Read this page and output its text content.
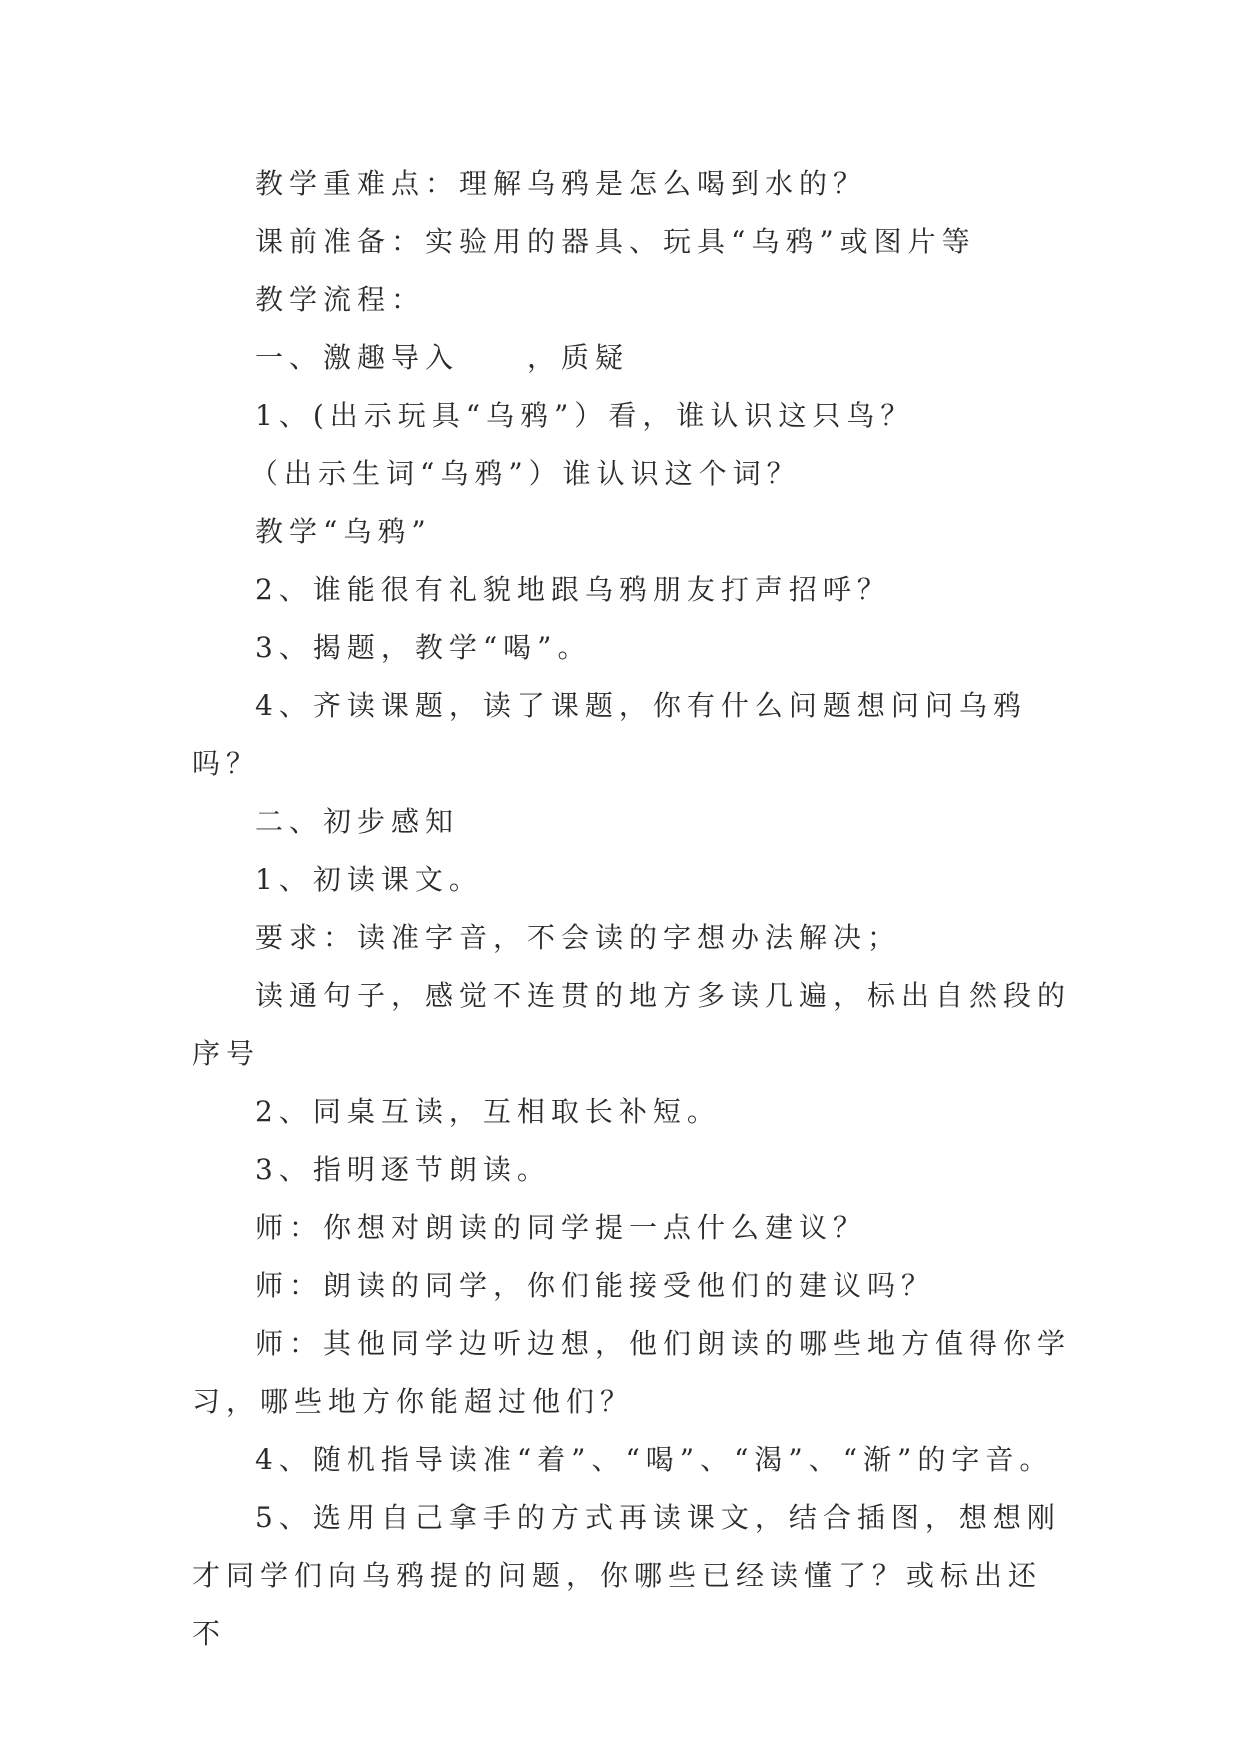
教学重难点：理解乌鸦是怎么喝到水的？

课前准备：实验用的器具、玩具“乌鸦”或图片等

教学流程：

一、激趣导入　　，质疑

1、(出示玩具“乌鸦”）看，谁认识这只鸟？

（出示生词“乌鸦”）谁认识这个词？

教学“乌鸦”

2、谁能很有礼貌地跟乌鸦朋友打声招呼？

3、揭题，教学“喝”。

4、齐读课题，读了课题，你有什么问题想问问乌鸦吗？

二、初步感知

1、初读课文。

要求：读准字音，不会读的字想办法解决；

读通句子，感觉不连贯的地方多读几遍，标出自然段的序号

2、同桌互读，互相取长补短。

3、指明逐节朗读。

师：你想对朗读的同学提一点什么建议？

师：朗读的同学，你们能接受他们的建议吗？

师：其他同学边听边想，他们朗读的哪些地方值得你学习，哪些地方你能超过他们？

4、随机指导读准“着”、“喝”、“渴”、“渐”的字音。

5、选用自己拿手的方式再读课文，结合插图，想想刚才同学们向乌鸦提的问题，你哪些已经读懂了？或标出还不
